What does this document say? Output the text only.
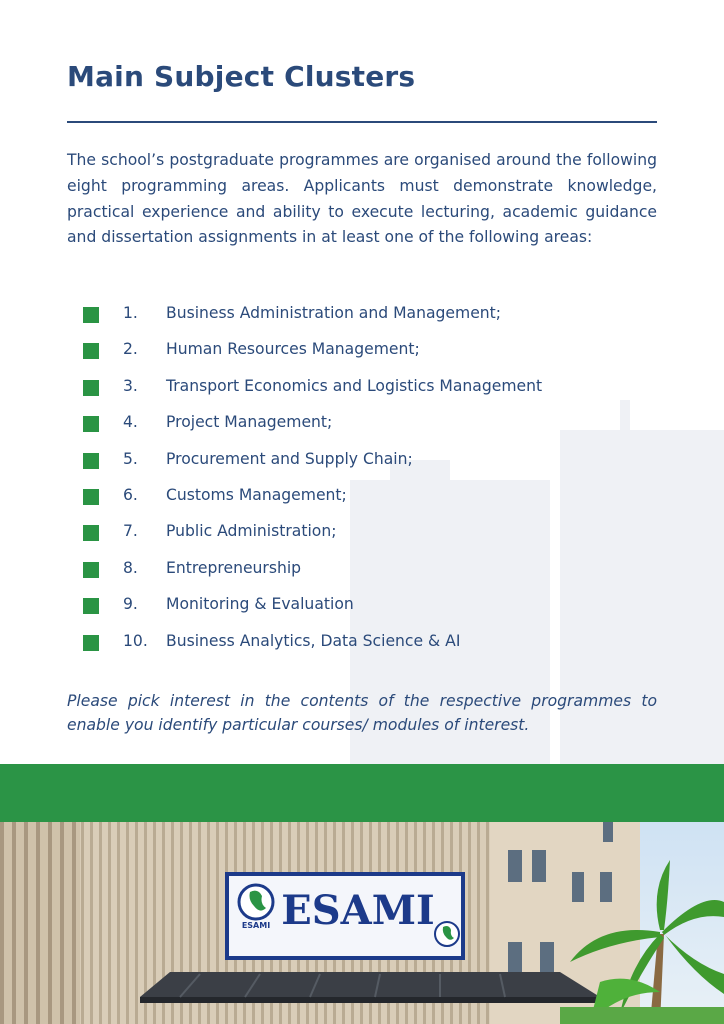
Main Subject Clusters

The school’s postgraduate programmes are organised around the following eight programming areas. Applicants must demonstrate knowledge, practical experience and ability to execute lecturing, academic guidance and dissertation assignments in at least one of the following areas:

1. Business Administration and Management;
2. Human Resources Management;
3. Transport Economics and Logistics Management
4. Project Management;
5. Procurement and Supply Chain;
6. Customs Management;
7. Public Administration;
8. Entrepreneurship
9. Monitoring & Evaluation
10. Business Analytics, Data Science & AI

Please pick interest in the contents of the respective programmes to enable you identify particular courses/ modules of interest.

ESAMI ESAMI
